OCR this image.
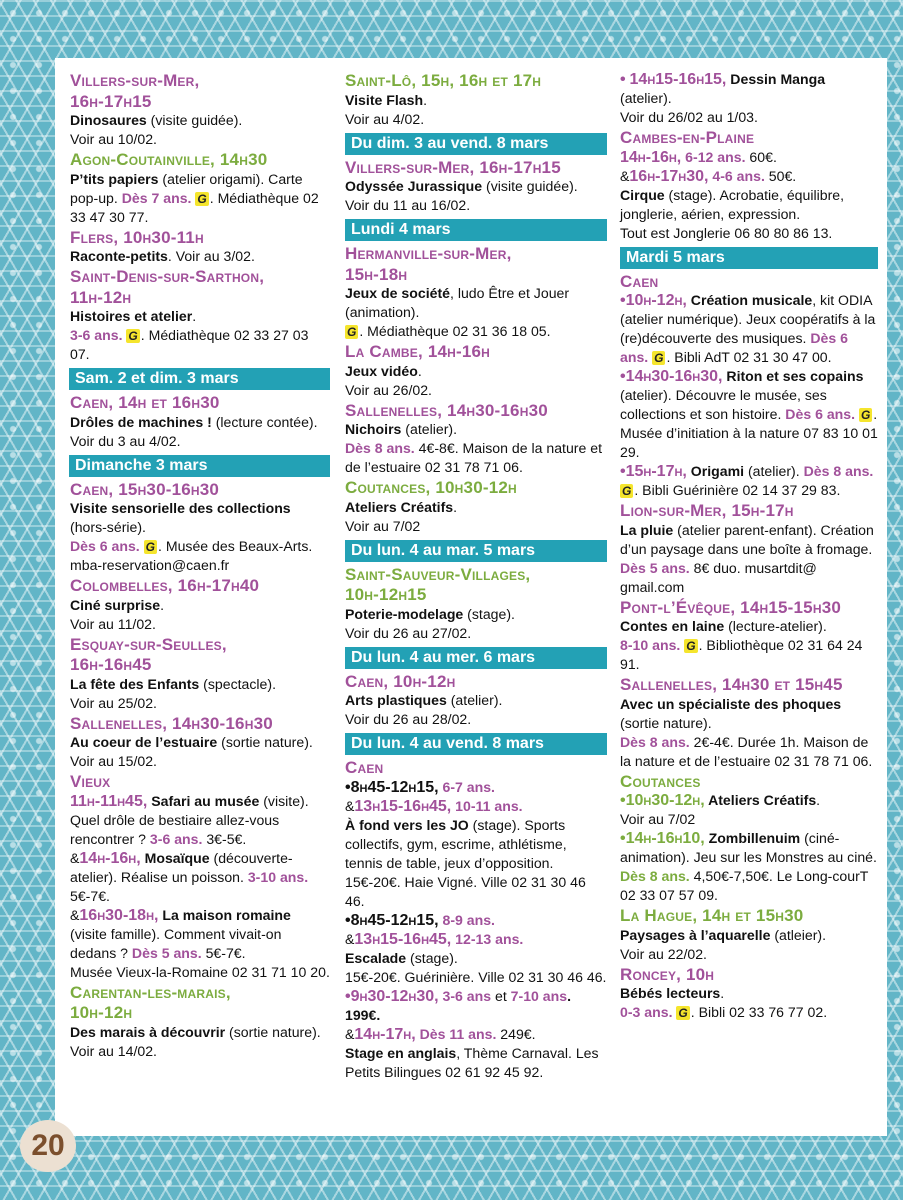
Villers-sur-Mer,
16h-17h15
Dinosaures (visite guidée).
Voir au 10/02.
Agon-Coutainville, 14h30
P’tits papiers (atelier origami). Carte pop-up. Dès 7 ans. G . Médiathèque 02 33 47 30 77.
Flers, 10h30-11h
Raconte-petits. Voir au 3/02.
Saint-Denis-sur-Sarthon,
11h-12h
Histoires et atelier.
3-6 ans. G . Médiathèque 02 33 27 03 07.
Sam. 2 et dim. 3 mars
Caen, 14h et 16h30
Drôles de machines ! (lecture contée).
Voir du 3 au 4/02.
Dimanche 3 mars
Caen, 15h30-16h30
Visite sensorielle des collections
(hors-série).
Dès 6 ans. G . Musée des Beaux-Arts. mba-reservation@caen.fr
Colombelles, 16h-17h40
Ciné surprise.
Voir au 11/02.
Esquay-sur-Seulles,
16h-16h45
La fête des Enfants (spectacle).
Voir au 25/02.
Sallenelles, 14h30-16h30
Au coeur de l’estuaire (sortie nature). Voir au 15/02.
Vieux
11h-11h45, Safari au musée (visite). Quel drôle de bestiaire allez-vous rencontrer ? 3-6 ans. 3€-5€.
&14h-16h, Mosaïque (découverte-atelier). Réalise un poisson. 3-10 ans. 5€-7€.
&16h30-18h, La maison romaine (visite famille). Comment vivait-on dedans ? Dès 5 ans. 5€-7€.
Musée Vieux-la-Romaine 02 31 71 10 20.
Carentan-les-marais,
10h-12h
Des marais à découvrir (sortie nature). Voir au 14/02.
Saint-Lô, 15h, 16h et 17h
Visite Flash.
Voir au 4/02.
Du dim. 3 au vend. 8 mars
Villers-sur-Mer, 16h-17h15
Odyssée Jurassique (visite guidée).
Voir du 11 au 16/02.
Lundi 4 mars
Hermanville-sur-Mer,
15h-18h
Jeux de société, ludo Être et Jouer (animation).
G . Médiathèque 02 31 36 18 05.
La Cambe, 14h-16h
Jeux vidéo.
Voir au 26/02.
Sallenelles, 14h30-16h30
Nichoirs (atelier).
Dès 8 ans. 4€-8€. Maison de la nature et de l’estuaire 02 31 78 71 06.
Coutances, 10h30-12h
Ateliers Créatifs.
Voir au 7/02
Du lun. 4 au mar. 5 mars
Saint-Sauveur-Villages,
10h-12h15
Poterie-modelage (stage).
Voir du 26 au 27/02.
Du lun. 4 au mer. 6 mars
Caen, 10h-12h
Arts plastiques (atelier).
Voir du 26 au 28/02.
Du lun. 4 au vend. 8 mars
Caen
•8h45-12h15, 6-7 ans.
&13h15-16h45, 10-11 ans.
À fond vers les JO (stage). Sports collectifs, gym, escrime, athlétisme, tennis de table, jeux d’opposition. 15€-20€. Haie Vigné. Ville 02 31 30 46 46.
•8h45-12h15, 8-9 ans.
&13h15-16h45, 12-13 ans.
Escalade (stage).
15€-20€. Guérinière. Ville 02 31 30 46 46.
•9h30-12h30, 3-6 ans et 7-10 ans. 199€.
&14h-17h, Dès 11 ans. 249€.
Stage en anglais, Thème Carnaval. Les Petits Bilingues 02 61 92 45 92.
• 14h15-16h15, Dessin Manga
(atelier).
Voir du 26/02 au 1/03.
Cambes-en-Plaine
14h-16h, 6-12 ans. 60€.
&16h-17h30, 4-6 ans. 50€.
Cirque (stage). Acrobatie, équilibre, jonglerie, aérien, expression.
Tout est Jonglerie 06 80 80 86 13.
Mardi 5 mars
Caen
•10h-12h, Création musicale, kit ODIA (atelier numérique). Jeux coopératifs à la (re)découverte des musiques. Dès 6 ans. G . Bibli AdT 02 31 30 47 00.
•14h30-16h30, Riton et ses copains (atelier). Découvre le musée, ses collections et son histoire. Dès 6 ans. G . Musée d’initiation à la nature 07 83 10 01 29.
•15h-17h, Origami (atelier). Dès 8 ans. G . Bibli Guérinière 02 14 37 29 83.
Lion-sur-Mer, 15h-17h
La pluie (atelier parent-enfant). Création d’un paysage dans une boîte à fromage.
Dès 5 ans. 8€ duo. musartdit@ gmail.com
Pont-l’Évêque, 14h15-15h30
Contes en laine (lecture-atelier).
8-10 ans. G . Bibliothèque 02 31 64 24 91.
Sallenelles, 14h30 et 15h45
Avec un spécialiste des phoques (sortie nature).
Dès 8 ans. 2€-4€. Durée 1h. Maison de la nature et de l’estuaire 02 31 78 71 06.
Coutances
•10h30-12h, Ateliers Créatifs.
Voir au 7/02
•14h-16h10, Zombillenuim (ciné-animation). Jeu sur les Monstres au ciné. Dès 8 ans. 4,50€-7,50€. Le Long-courT 02 33 07 57 09.
La Hague, 14h et 15h30
Paysages à l’aquarelle (atleier).
Voir au 22/02.
Roncey, 10h
Bébés lecteurs.
0-3 ans. G . Bibli 02 33 76 77 02.
20
